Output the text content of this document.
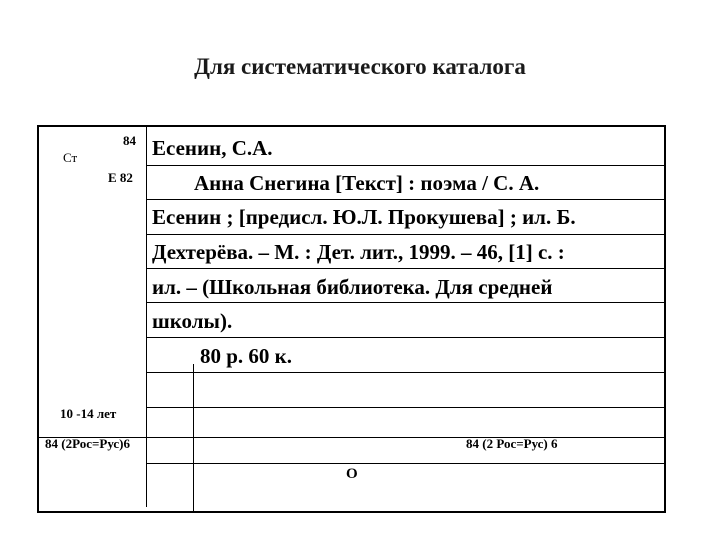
Для систематического каталога
Ст
84
Е 82
Есенин, С.А.
Анна Снегина [Текст] : поэма / С. А.
Есенин ; [предисл. Ю.Л. Прокушева] ; ил. Б.
Дехтерёва. – М. : Дет. лит., 1999. – 46, [1] с. :
ил. – (Школьная библиотека. Для средней
школы).
80 р. 60 к.
10 -14 лет
84 (2Рос=Рус)6	84 (2 Рос=Рус) 6
О
